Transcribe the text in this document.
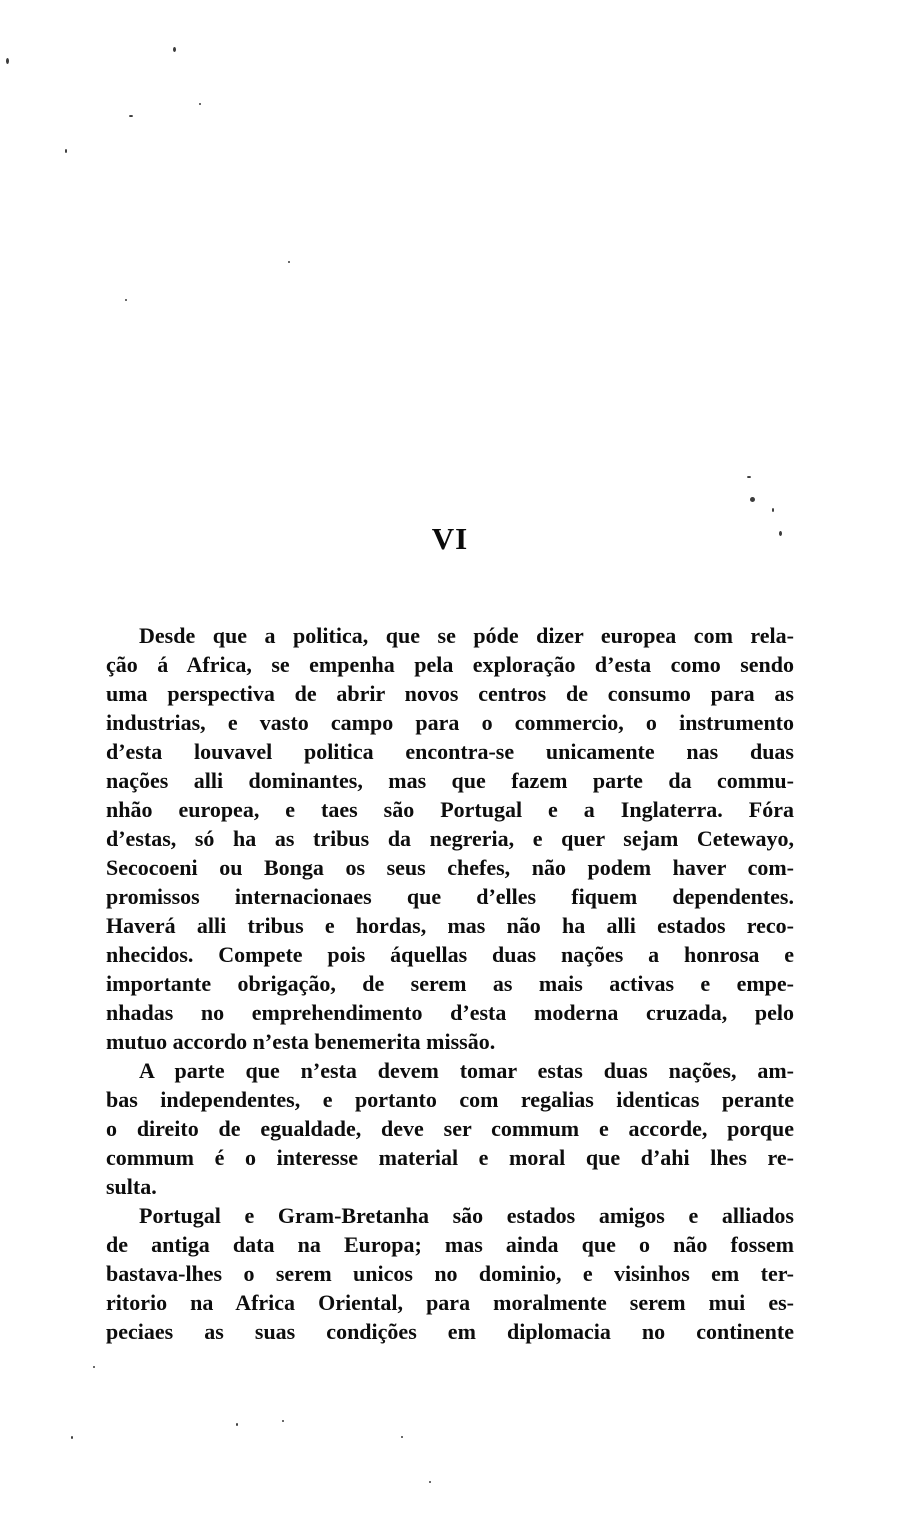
VI
Desde que a politica, que se póde dizer europea com rela-
ção á Africa, se empenha pela exploração d’esta como sendo
uma perspectiva de abrir novos centros de consumo para as
industrias, e vasto campo para o commercio, o instrumento
d’esta louvavel politica encontra-se unicamente nas duas
nações alli dominantes, mas que fazem parte da commu-
nhão europea, e taes são Portugal e a Inglaterra. Fóra
d’estas, só ha as tribus da negreria, e quer sejam Cetewayo,
Secocoeni ou Bonga os seus chefes, não podem haver com-
promissos internacionaes que d’elles fiquem dependentes.
Haverá alli tribus e hordas, mas não ha alli estados reco-
nhecidos. Compete pois áquellas duas nações a honrosa e
importante obrigação, de serem as mais activas e empe-
nhadas no emprehendimento d’esta moderna cruzada, pelo
mutuo accordo n’esta benemerita missão.
A parte que n’esta devem tomar estas duas nações, am-
bas independentes, e portanto com regalias identicas perante
o direito de egualdade, deve ser commum e accorde, porque
commum é o interesse material e moral que d’ahi lhes re-
sulta.
Portugal e Gram-Bretanha são estados amigos e alliados
de antiga data na Europa; mas ainda que o não fossem
bastava-lhes o serem unicos no dominio, e visinhos em ter-
ritorio na Africa Oriental, para moralmente serem mui es-
peciaes as suas condições em diplomacia no continente
